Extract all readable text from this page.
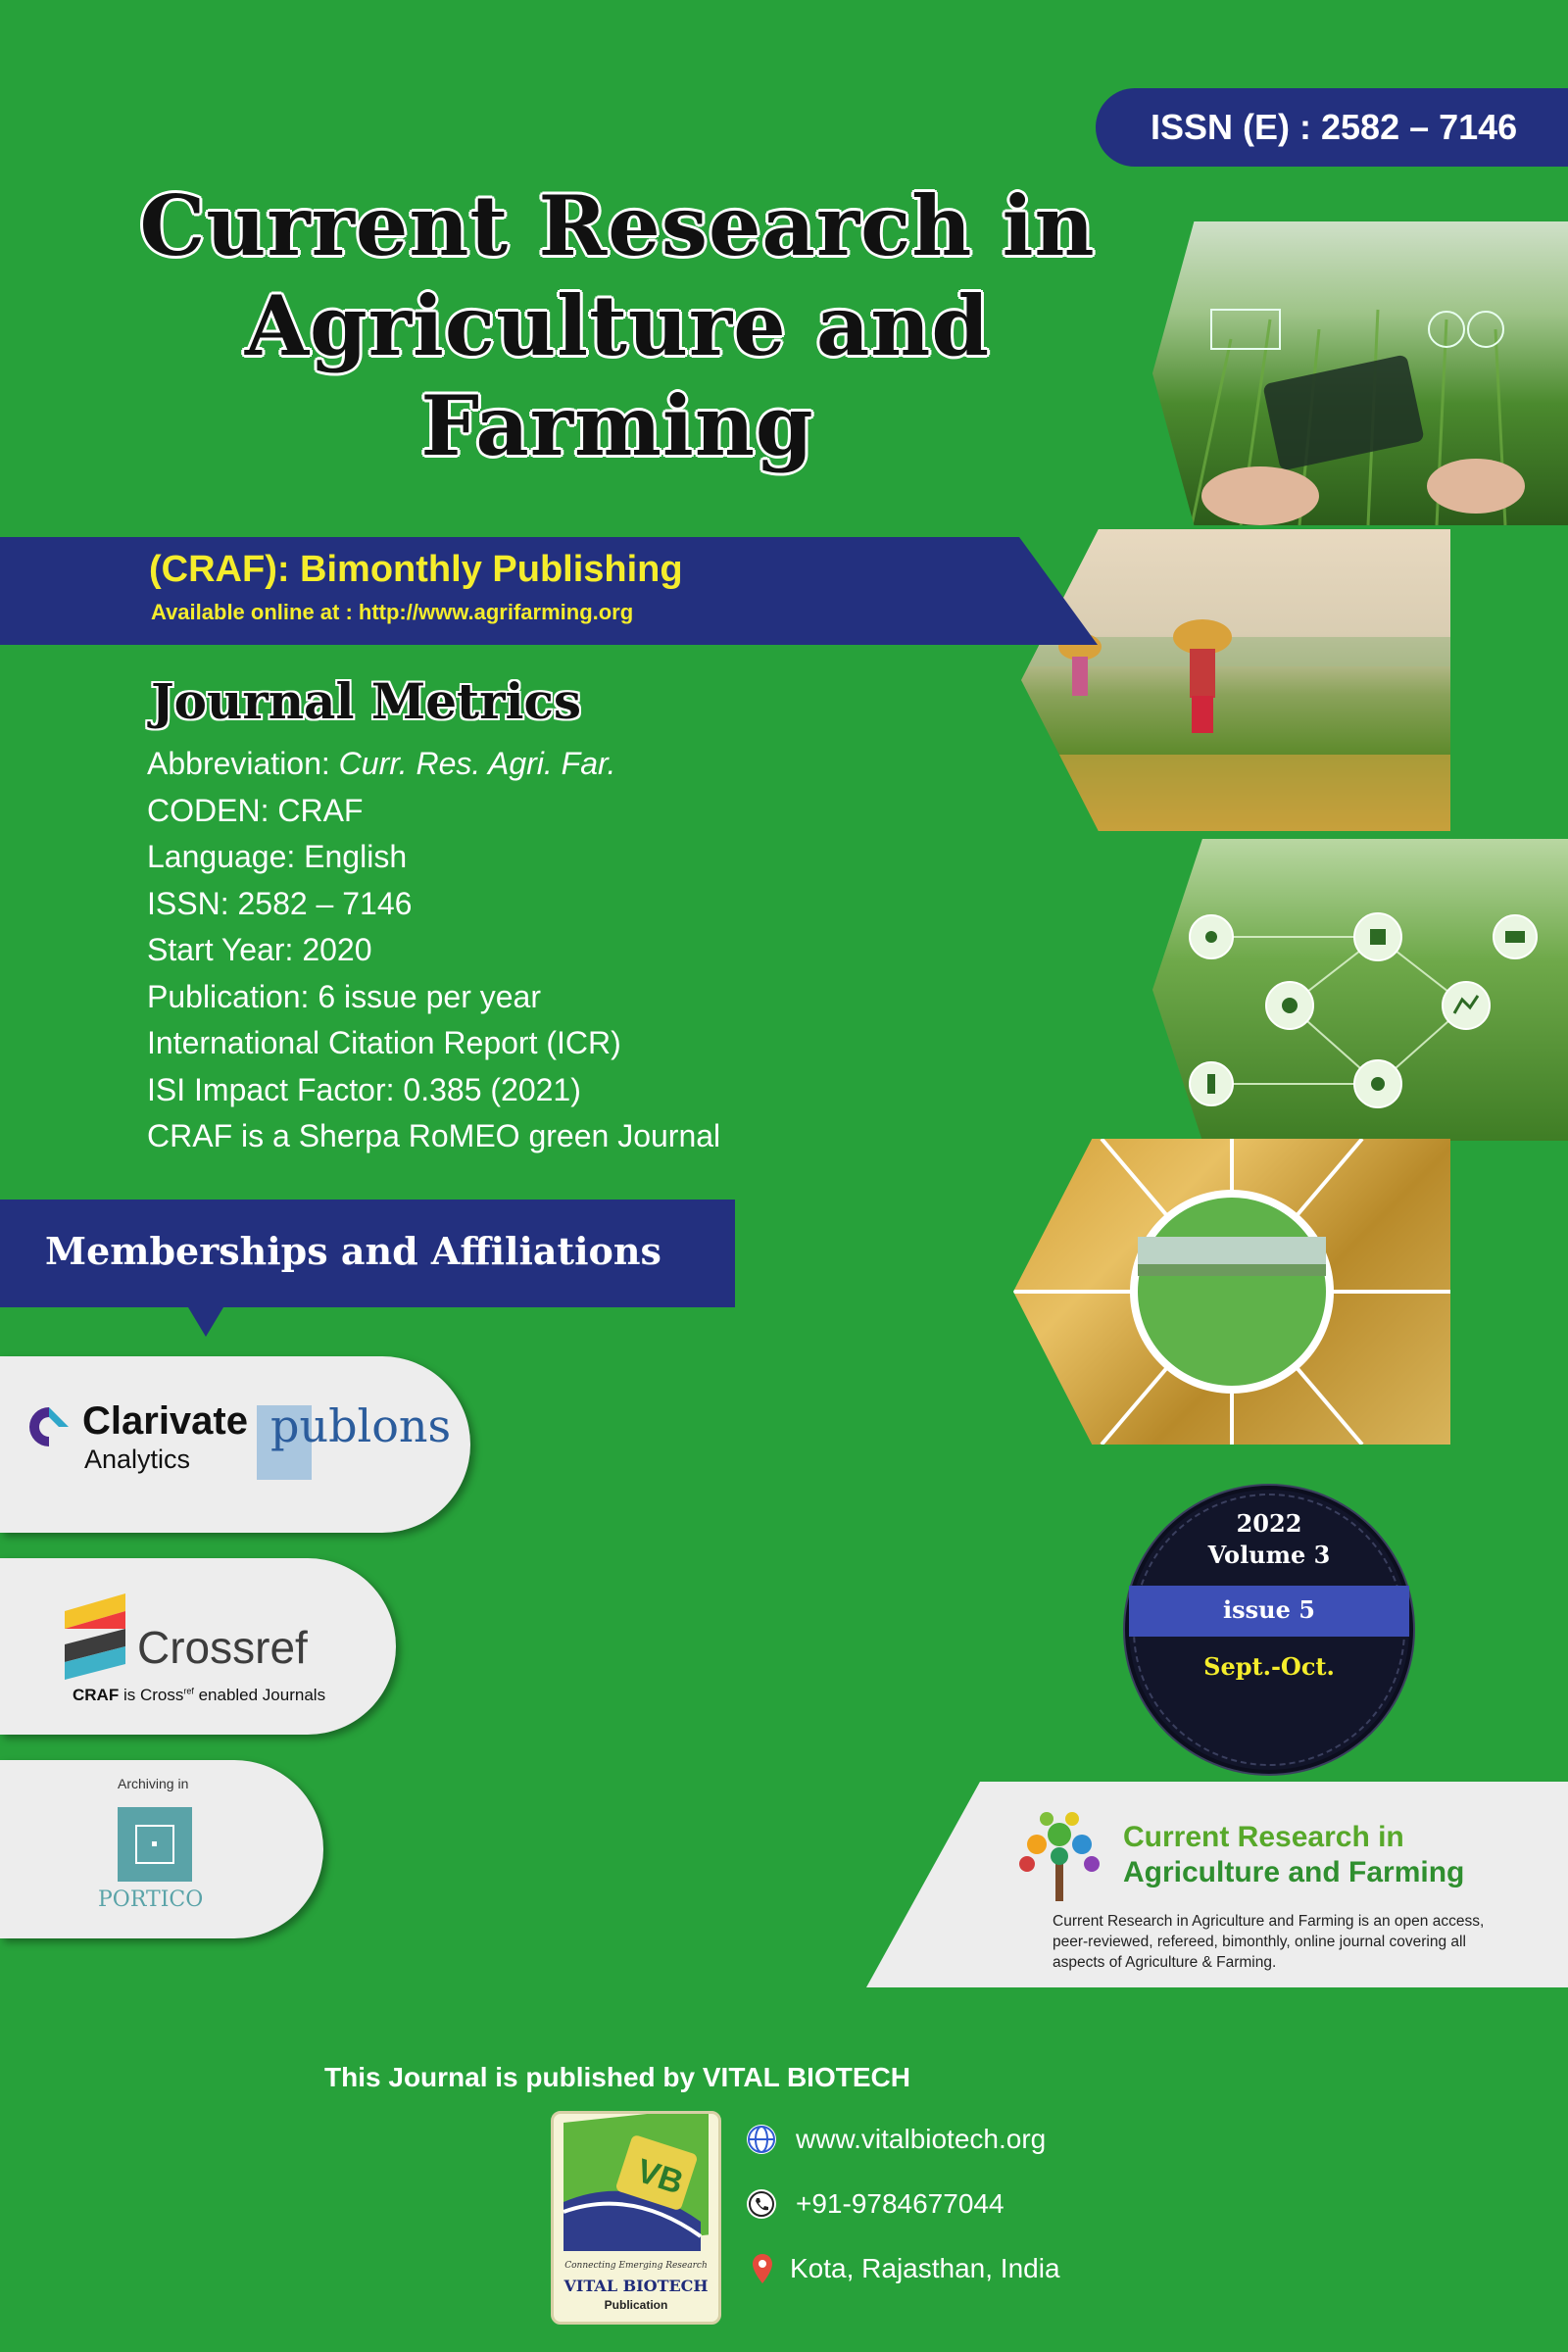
ISSN (E) : 2582 – 7146
Current Research in
Agriculture and Farming
(CRAF): Bimonthly Publishing
Available online at : http://www.agrifarming.org
Journal Metrics
Abbreviation: Curr. Res. Agri. Far.
CODEN: CRAF
Language: English
ISSN: 2582 – 7146
Start Year: 2020
Publication: 6 issue per year
International Citation Report (ICR)
ISI Impact Factor: 0.385 (2021)
CRAF is a Sherpa RoMEO green Journal
Memberships and Affiliations
Clarivate
Analytics
publons
Crossref
CRAF is Cross$^{ref}$ enabled Journals
Archiving in
PORTICO
2022
Volume 3
issue 5
Sept.-Oct.
Current Research in
Agriculture and Farming
Current Research in Agriculture and Farming is an open access, peer-reviewed, refereed, bimonthly, online journal covering all aspects of Agriculture & Farming.
This Journal is published by VITAL BIOTECH
VB
Connecting Emerging Research
VITAL BIOTECH
Publication
www.vitalbiotech.org
+91-9784677044
Kota, Rajasthan, India
